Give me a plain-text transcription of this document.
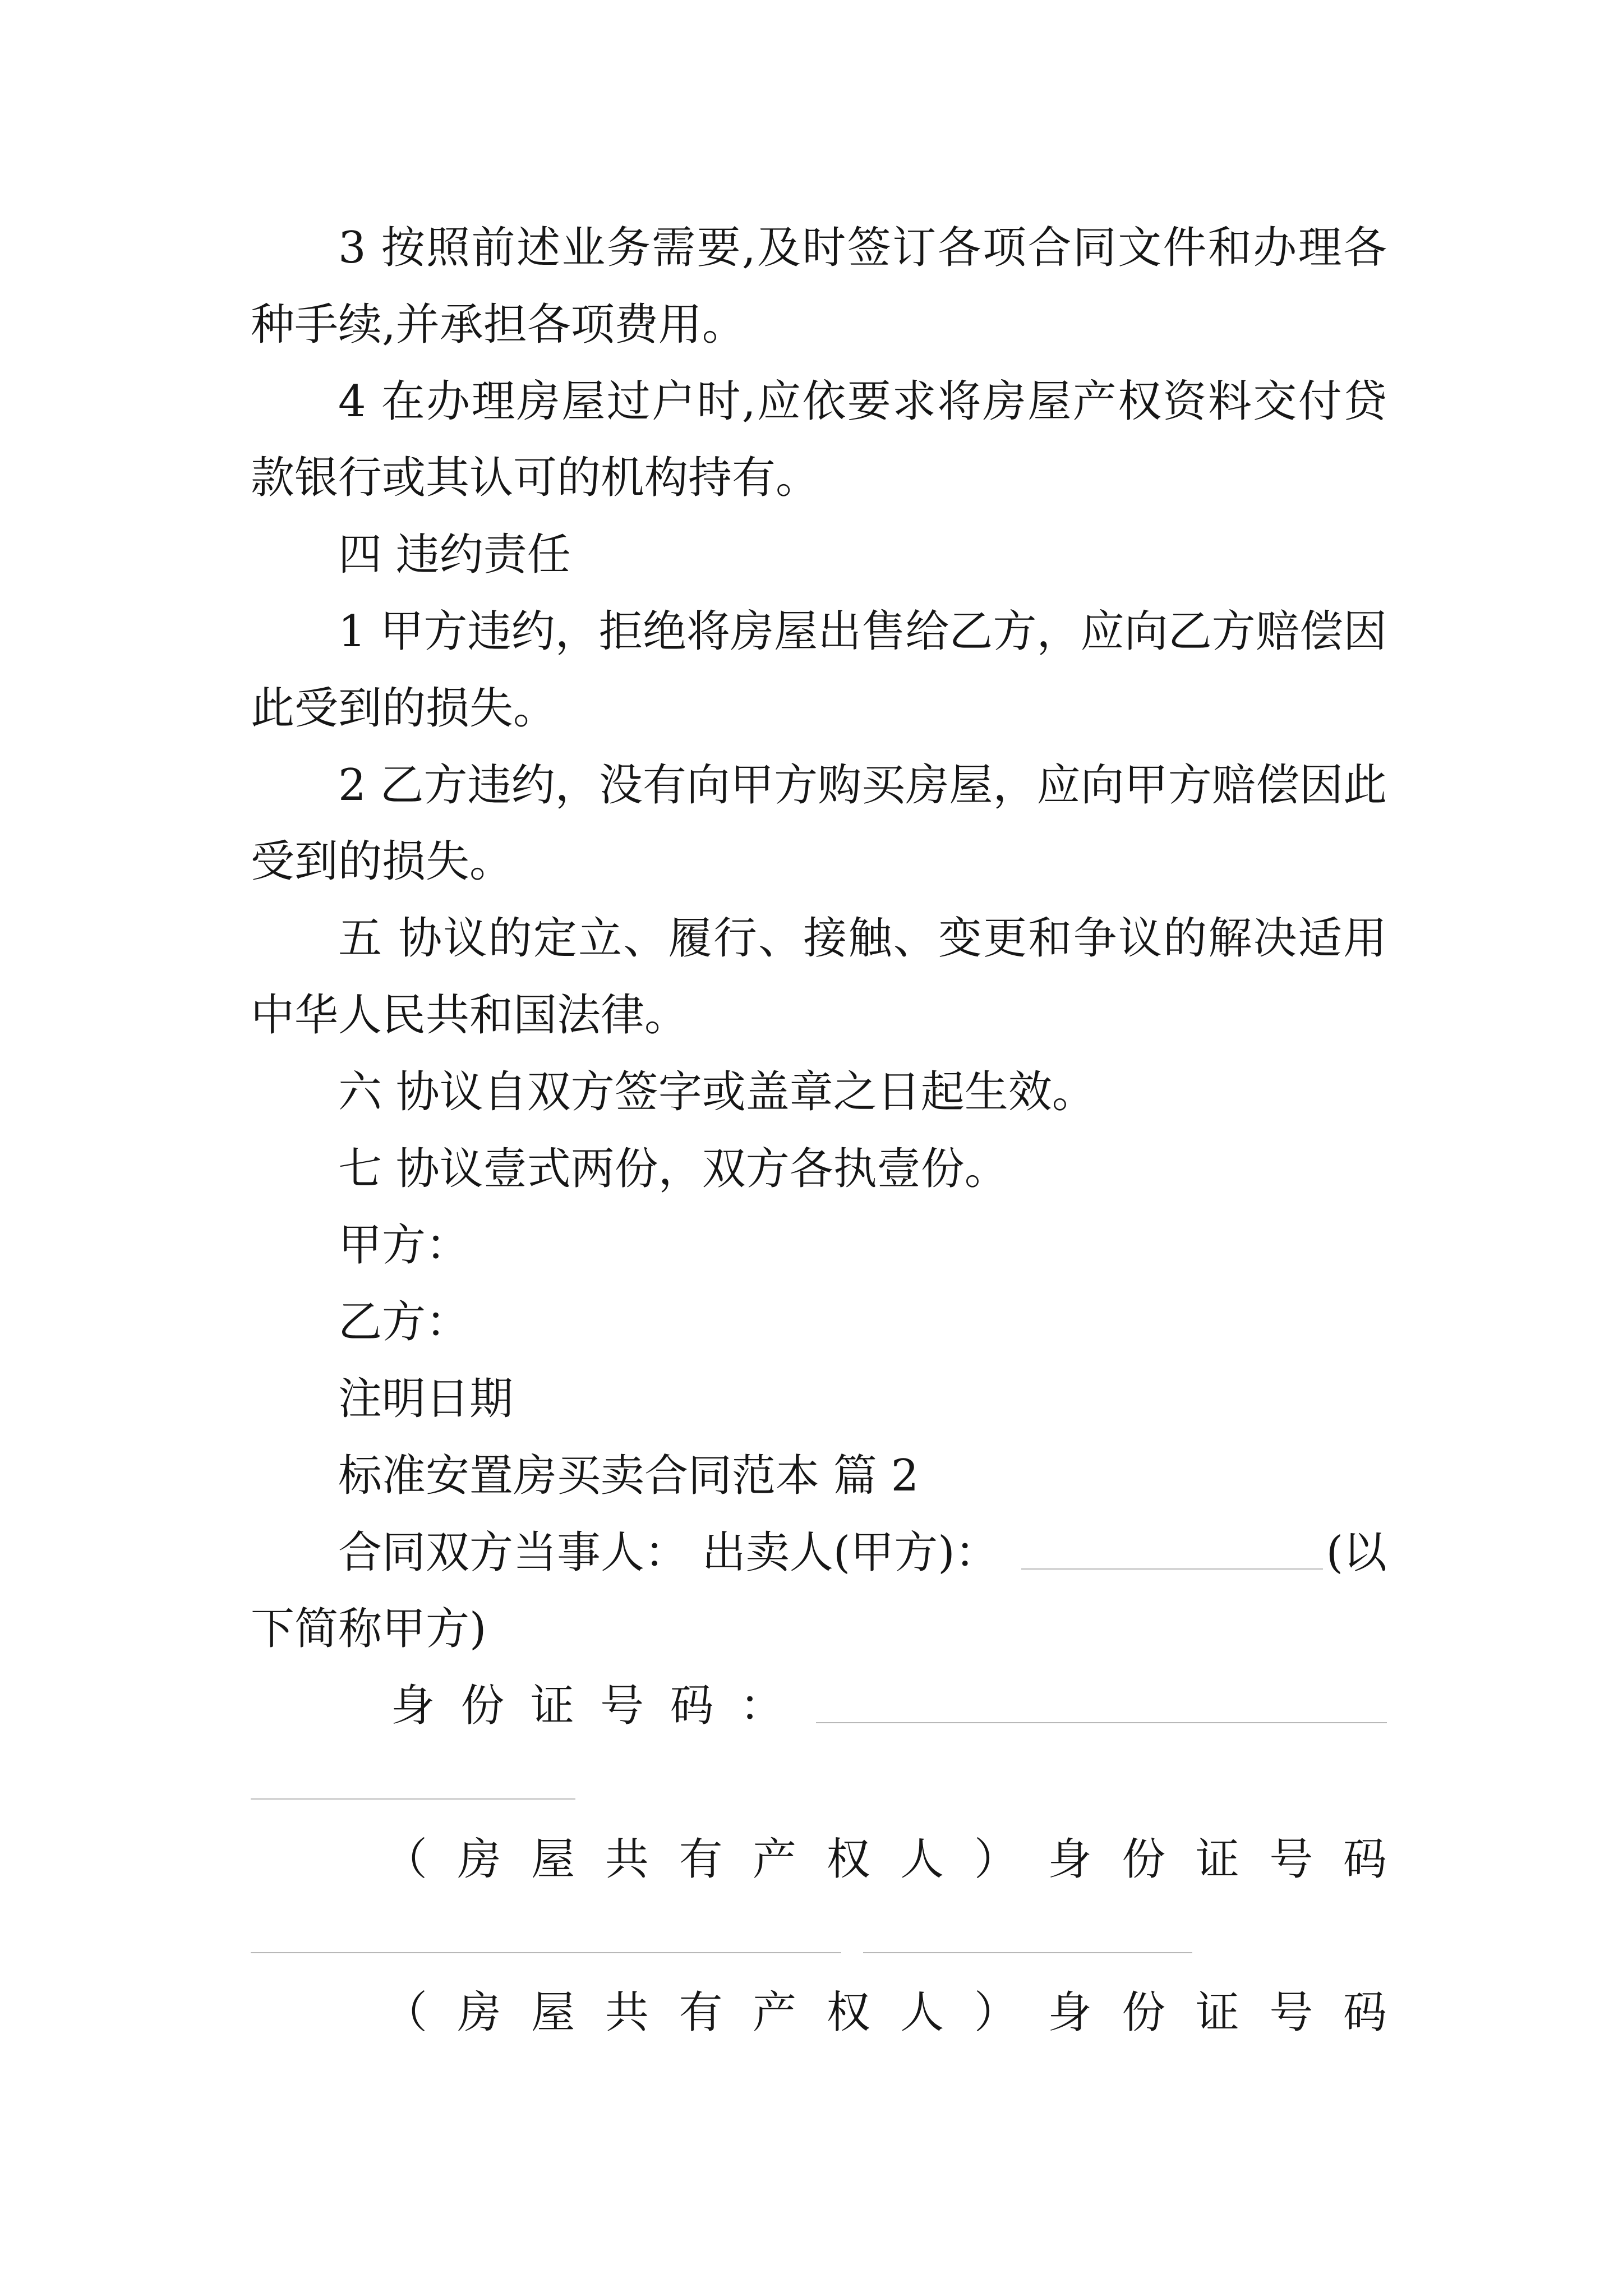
3 按照前述业务需要,及时签订各项合同文件和办理各
种手续,并承担各项费用。
4 在办理房屋过户时,应依要求将房屋产权资料交付贷
款银行或其认可的机构持有。
四 违约责任
1 甲方违约，拒绝将房屋出售给乙方，应向乙方赔偿因
此受到的损失。
2 乙方违约，没有向甲方购买房屋，应向甲方赔偿因此
受到的损失。
五 协议的定立、履行、接触、变更和争议的解决适用
中华人民共和国法律。
六 协议自双方签字或盖章之日起生效。
七 协议壹式两份，双方各执壹份。
甲方：
乙方：
注明日期
标准安置房买卖合同范本 篇 2
合同双方当事人： 出卖人(甲方)：	(以
下简称甲方)
身 份 证 号 码 ：
（ 房 屋 共 有 产 权 人 ） 身 份 证 号 码
（ 房 屋 共 有 产 权 人 ） 身 份 证 号 码
